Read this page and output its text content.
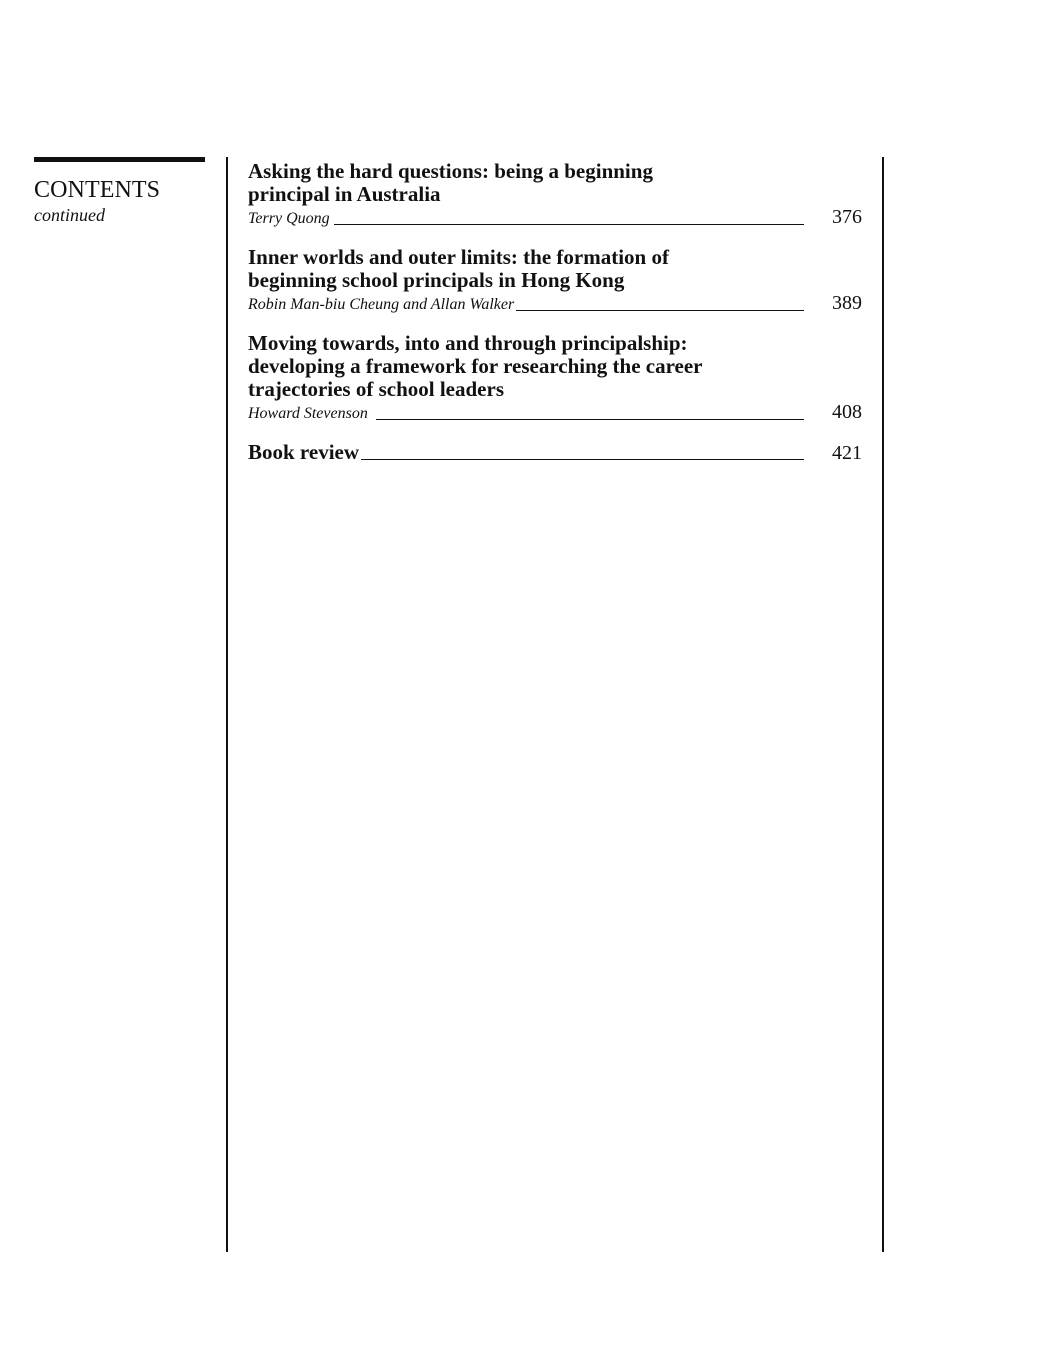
CONTENTS
continued
Asking the hard questions: being a beginning
principal in Australia
Terry Quong	376
Inner worlds and outer limits: the formation of
beginning school principals in Hong Kong
Robin Man-biu Cheung and Allan Walker	389
Moving towards, into and through principalship:
developing a framework for researching the career
trajectories of school leaders
Howard Stevenson	408
Book review	421
